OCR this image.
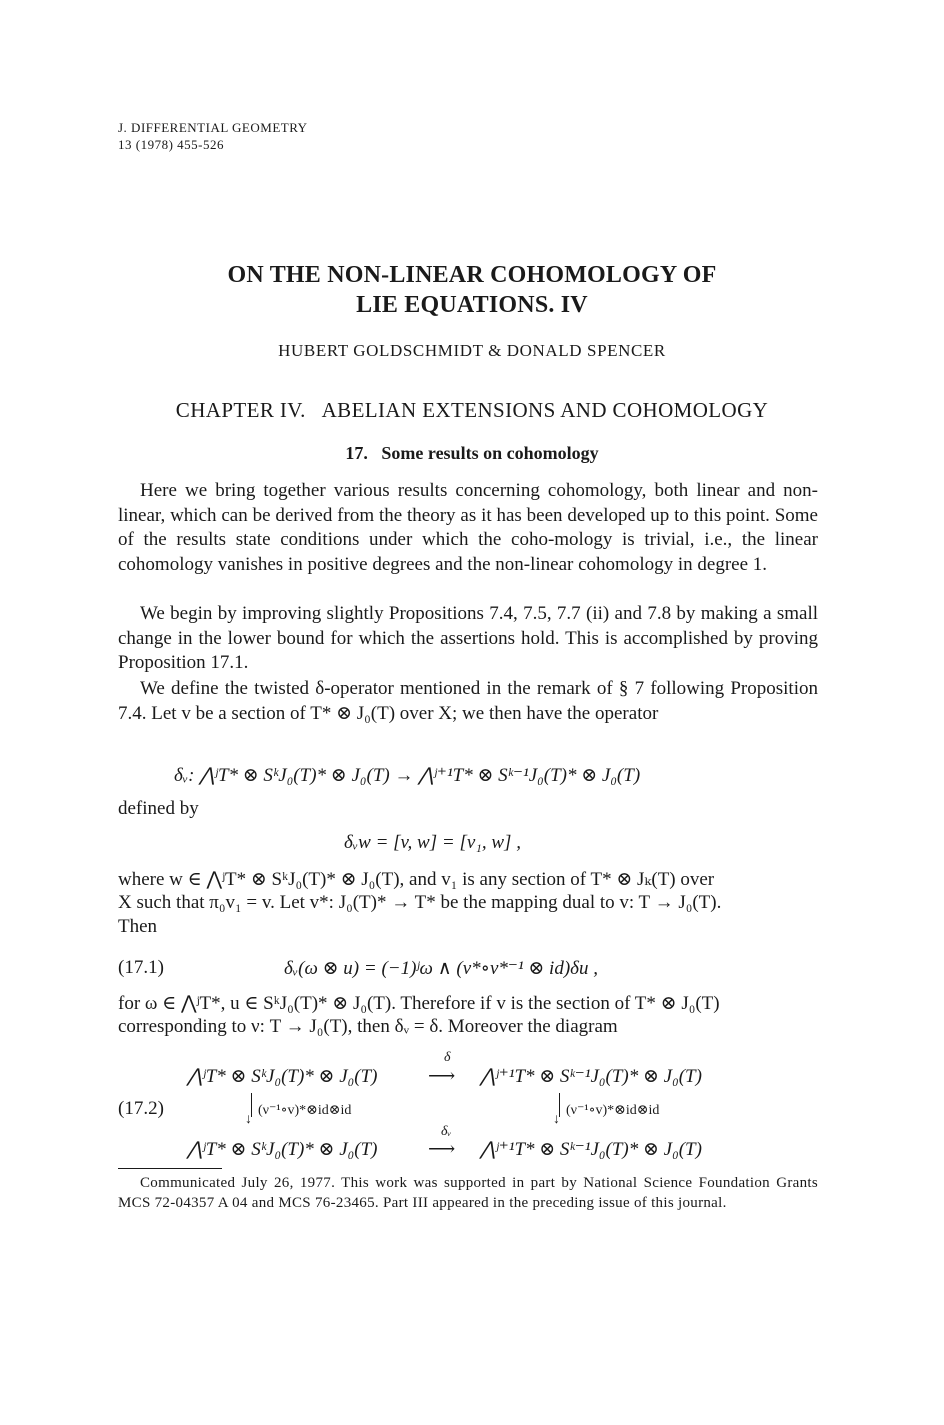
J. DIFFERENTIAL GEOMETRY
13 (1978) 455-526
ON THE NON-LINEAR COHOMOLOGY OF
LIE EQUATIONS. IV
HUBERT GOLDSCHMIDT & DONALD SPENCER
CHAPTER IV.   ABELIAN EXTENSIONS AND COHOMOLOGY
17.   Some results on cohomology
Here we bring together various results concerning cohomology, both linear and non-linear, which can be derived from the theory as it has been developed up to this point. Some of the results state conditions under which the coho-mology is trivial, i.e., the linear cohomology vanishes in positive degrees and the non-linear cohomology in degree 1.
We begin by improving slightly Propositions 7.4, 7.5, 7.7 (ii) and 7.8 by making a small change in the lower bound for which the assertions hold. This is accomplished by proving Proposition 17.1.
We define the twisted δ-operator mentioned in the remark of § 7 following Proposition 7.4. Let v be a section of T* ⊗ J₀(T) over X; we then have the operator
δᵥ: ⋀ʲT* ⊗ SᵏJ₀(T)* ⊗ J₀(T) → ⋀ʲ⁺¹T* ⊗ Sᵏ⁻¹J₀(T)* ⊗ J₀(T)
defined by
δᵥw = [v, w] = [v₁, w] ,
where w ∈ ⋀ʲT* ⊗ SᵏJ₀(T)* ⊗ J₀(T), and v₁ is any section of T* ⊗ Jₖ(T) over
X such that π₀v₁ = v. Let v*: J₀(T)* → T* be the mapping dual to v: T → J₀(T).
Then
(17.1)	δᵥ(ω ⊗ u) = (−1)ʲω ∧ (v*∘ν*⁻¹ ⊗ id)δu ,
for ω ∈ ⋀ʲT*, u ∈ SᵏJ₀(T)* ⊗ J₀(T). Therefore if v is the section of T* ⊗ J₀(T)
corresponding to ν: T → J₀(T), then δᵥ = δ. Moreover the diagram
⋀ʲT* ⊗ SᵏJ₀(T)* ⊗ J₀(T)
δ
⟶ ⋀ʲ⁺¹T* ⊗ Sᵏ⁻¹J₀(T)* ⊗ J₀(T)
(17.2)
↓
(ν⁻¹∘v)*⊗id⊗id
↓
(ν⁻¹∘v)*⊗id⊗id
⋀ʲT* ⊗ SᵏJ₀(T)* ⊗ J₀(T)
δᵥ
⟶ ⋀ʲ⁺¹T* ⊗ Sᵏ⁻¹J₀(T)* ⊗ J₀(T)
Communicated July 26, 1977. This work was supported in part by National Science Foundation Grants MCS 72-04357 A 04 and MCS 76-23465. Part III appeared in the preceding issue of this journal.
